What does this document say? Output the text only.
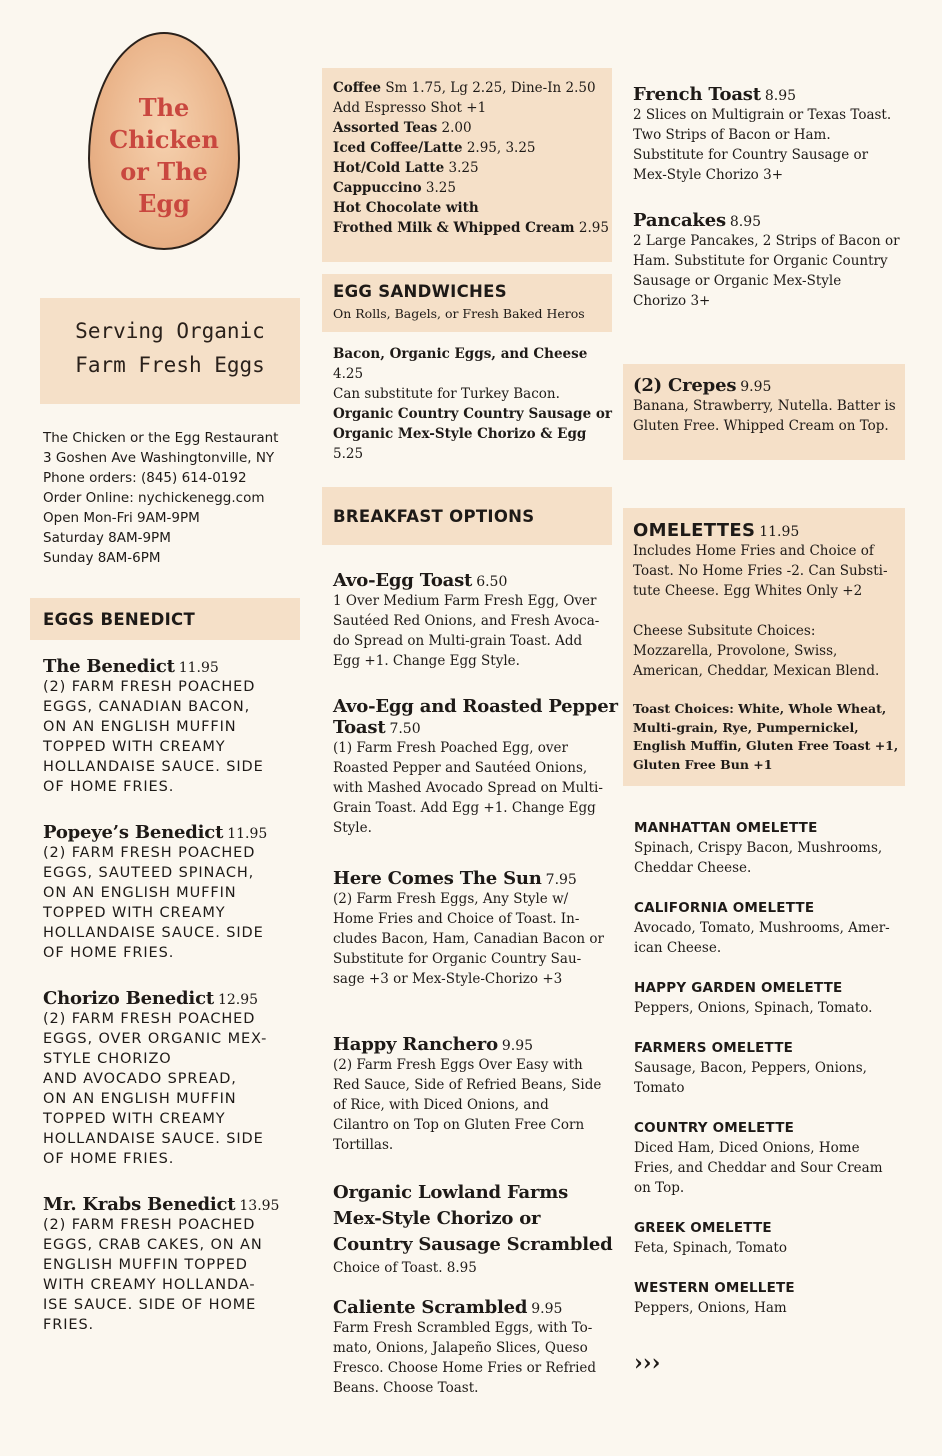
The
Chicken
or The
Egg
Serving Organic
Farm Fresh Eggs
The Chicken or the Egg Restaurant
3 Goshen Ave Washingtonville, NY
Phone orders: (845) 614-0192
Order Online: nychickenegg.com
Open Mon-Fri 9AM-9PM
Saturday 8AM-9PM
Sunday 8AM-6PM
EGGS BENEDICT
The Benedict 11.95
(2) FARM FRESH POACHED
EGGS, CANADIAN BACON,
ON AN ENGLISH MUFFIN
TOPPED WITH CREAMY
HOLLANDAISE SAUCE. SIDE
OF HOME FRIES.
Popeye’s Benedict 11.95
(2) FARM FRESH POACHED
EGGS, SAUTEED SPINACH,
ON AN ENGLISH MUFFIN
TOPPED WITH CREAMY
HOLLANDAISE SAUCE. SIDE
OF HOME FRIES.
Chorizo Benedict 12.95
(2) FARM FRESH POACHED
EGGS, OVER ORGANIC MEX-
STYLE CHORIZO
AND AVOCADO SPREAD,
ON AN ENGLISH MUFFIN
TOPPED WITH CREAMY
HOLLANDAISE SAUCE. SIDE
OF HOME FRIES.
Mr. Krabs Benedict 13.95
(2) FARM FRESH POACHED
EGGS, CRAB CAKES, ON AN
ENGLISH MUFFIN TOPPED
WITH CREAMY HOLLANDA-
ISE SAUCE. SIDE OF HOME
FRIES.
Coffee Sm 1.75, Lg 2.25, Dine-In 2.50
Add Espresso Shot +1
Assorted Teas 2.00
Iced Coffee/Latte 2.95, 3.25
Hot/Cold Latte 3.25
Cappuccino 3.25
Hot Chocolate with
Frothed Milk & Whipped Cream 2.95
EGG SANDWICHES
On Rolls, Bagels, or Fresh Baked Heros
Bacon, Organic Eggs, and Cheese 4.25
Can substitute for Turkey Bacon.
Organic Country Country Sausage or
Organic Mex-Style Chorizo & Egg
5.25
BREAKFAST OPTIONS
Avo-Egg Toast 6.50
1 Over Medium Farm Fresh Egg, Over
Sautéed Red Onions, and Fresh Avoca-
do Spread on Multi-grain Toast. Add
Egg +1. Change Egg Style.
Avo-Egg and Roasted Pepper
Toast 7.50
(1) Farm Fresh Poached Egg, over
Roasted Pepper and Sautéed Onions,
with Mashed Avocado Spread on Multi-
Grain Toast. Add Egg +1. Change Egg
Style.
Here Comes The Sun 7.95
(2) Farm Fresh Eggs, Any Style w/
Home Fries and Choice of Toast. In-
cludes Bacon, Ham, Canadian Bacon or
Substitute for Organic Country Sau-
sage +3 or Mex-Style-Chorizo +3
Happy Ranchero 9.95
(2) Farm Fresh Eggs Over Easy with
Red Sauce, Side of Refried Beans, Side
of Rice, with Diced Onions, and
Cilantro on Top on Gluten Free Corn
Tortillas.
Organic Lowland Farms
Mex-Style Chorizo or
Country Sausage Scrambled
Choice of Toast. 8.95
Caliente Scrambled 9.95
Farm Fresh Scrambled Eggs, with To-
mato, Onions, Jalapeño Slices, Queso
Fresco. Choose Home Fries or Refried
Beans. Choose Toast.
French Toast 8.95
2 Slices on Multigrain or Texas Toast.
Two Strips of Bacon or Ham.
Substitute for Country Sausage or
Mex-Style Chorizo 3+
Pancakes 8.95
2 Large Pancakes, 2 Strips of Bacon or
Ham. Substitute for Organic Country
Sausage or Organic Mex-Style
Chorizo 3+
(2) Crepes 9.95
Banana, Strawberry, Nutella. Batter is
Gluten Free. Whipped Cream on Top.
OMELETTES 11.95
Includes Home Fries and Choice of
Toast. No Home Fries -2. Can Substi-
tute Cheese. Egg Whites Only +2
Cheese Subsitute Choices:
Mozzarella, Provolone, Swiss,
American, Cheddar, Mexican Blend.
Toast Choices: White, Whole Wheat,
Multi-grain, Rye, Pumpernickel,
English Muffin, Gluten Free Toast +1,
Gluten Free Bun +1
MANHATTAN OMELETTE
Spinach, Crispy Bacon, Mushrooms,
Cheddar Cheese.
CALIFORNIA OMELETTE
Avocado, Tomato, Mushrooms, Amer-
ican Cheese.
HAPPY GARDEN OMELETTE
Peppers, Onions, Spinach, Tomato.
FARMERS OMELETTE
Sausage, Bacon, Peppers, Onions,
Tomato
COUNTRY OMELETTE
Diced Ham, Diced Onions, Home
Fries, and Cheddar and Sour Cream
on Top.
GREEK OMELETTE
Feta, Spinach, Tomato
WESTERN OMELLETE
Peppers, Onions, Ham
›››
